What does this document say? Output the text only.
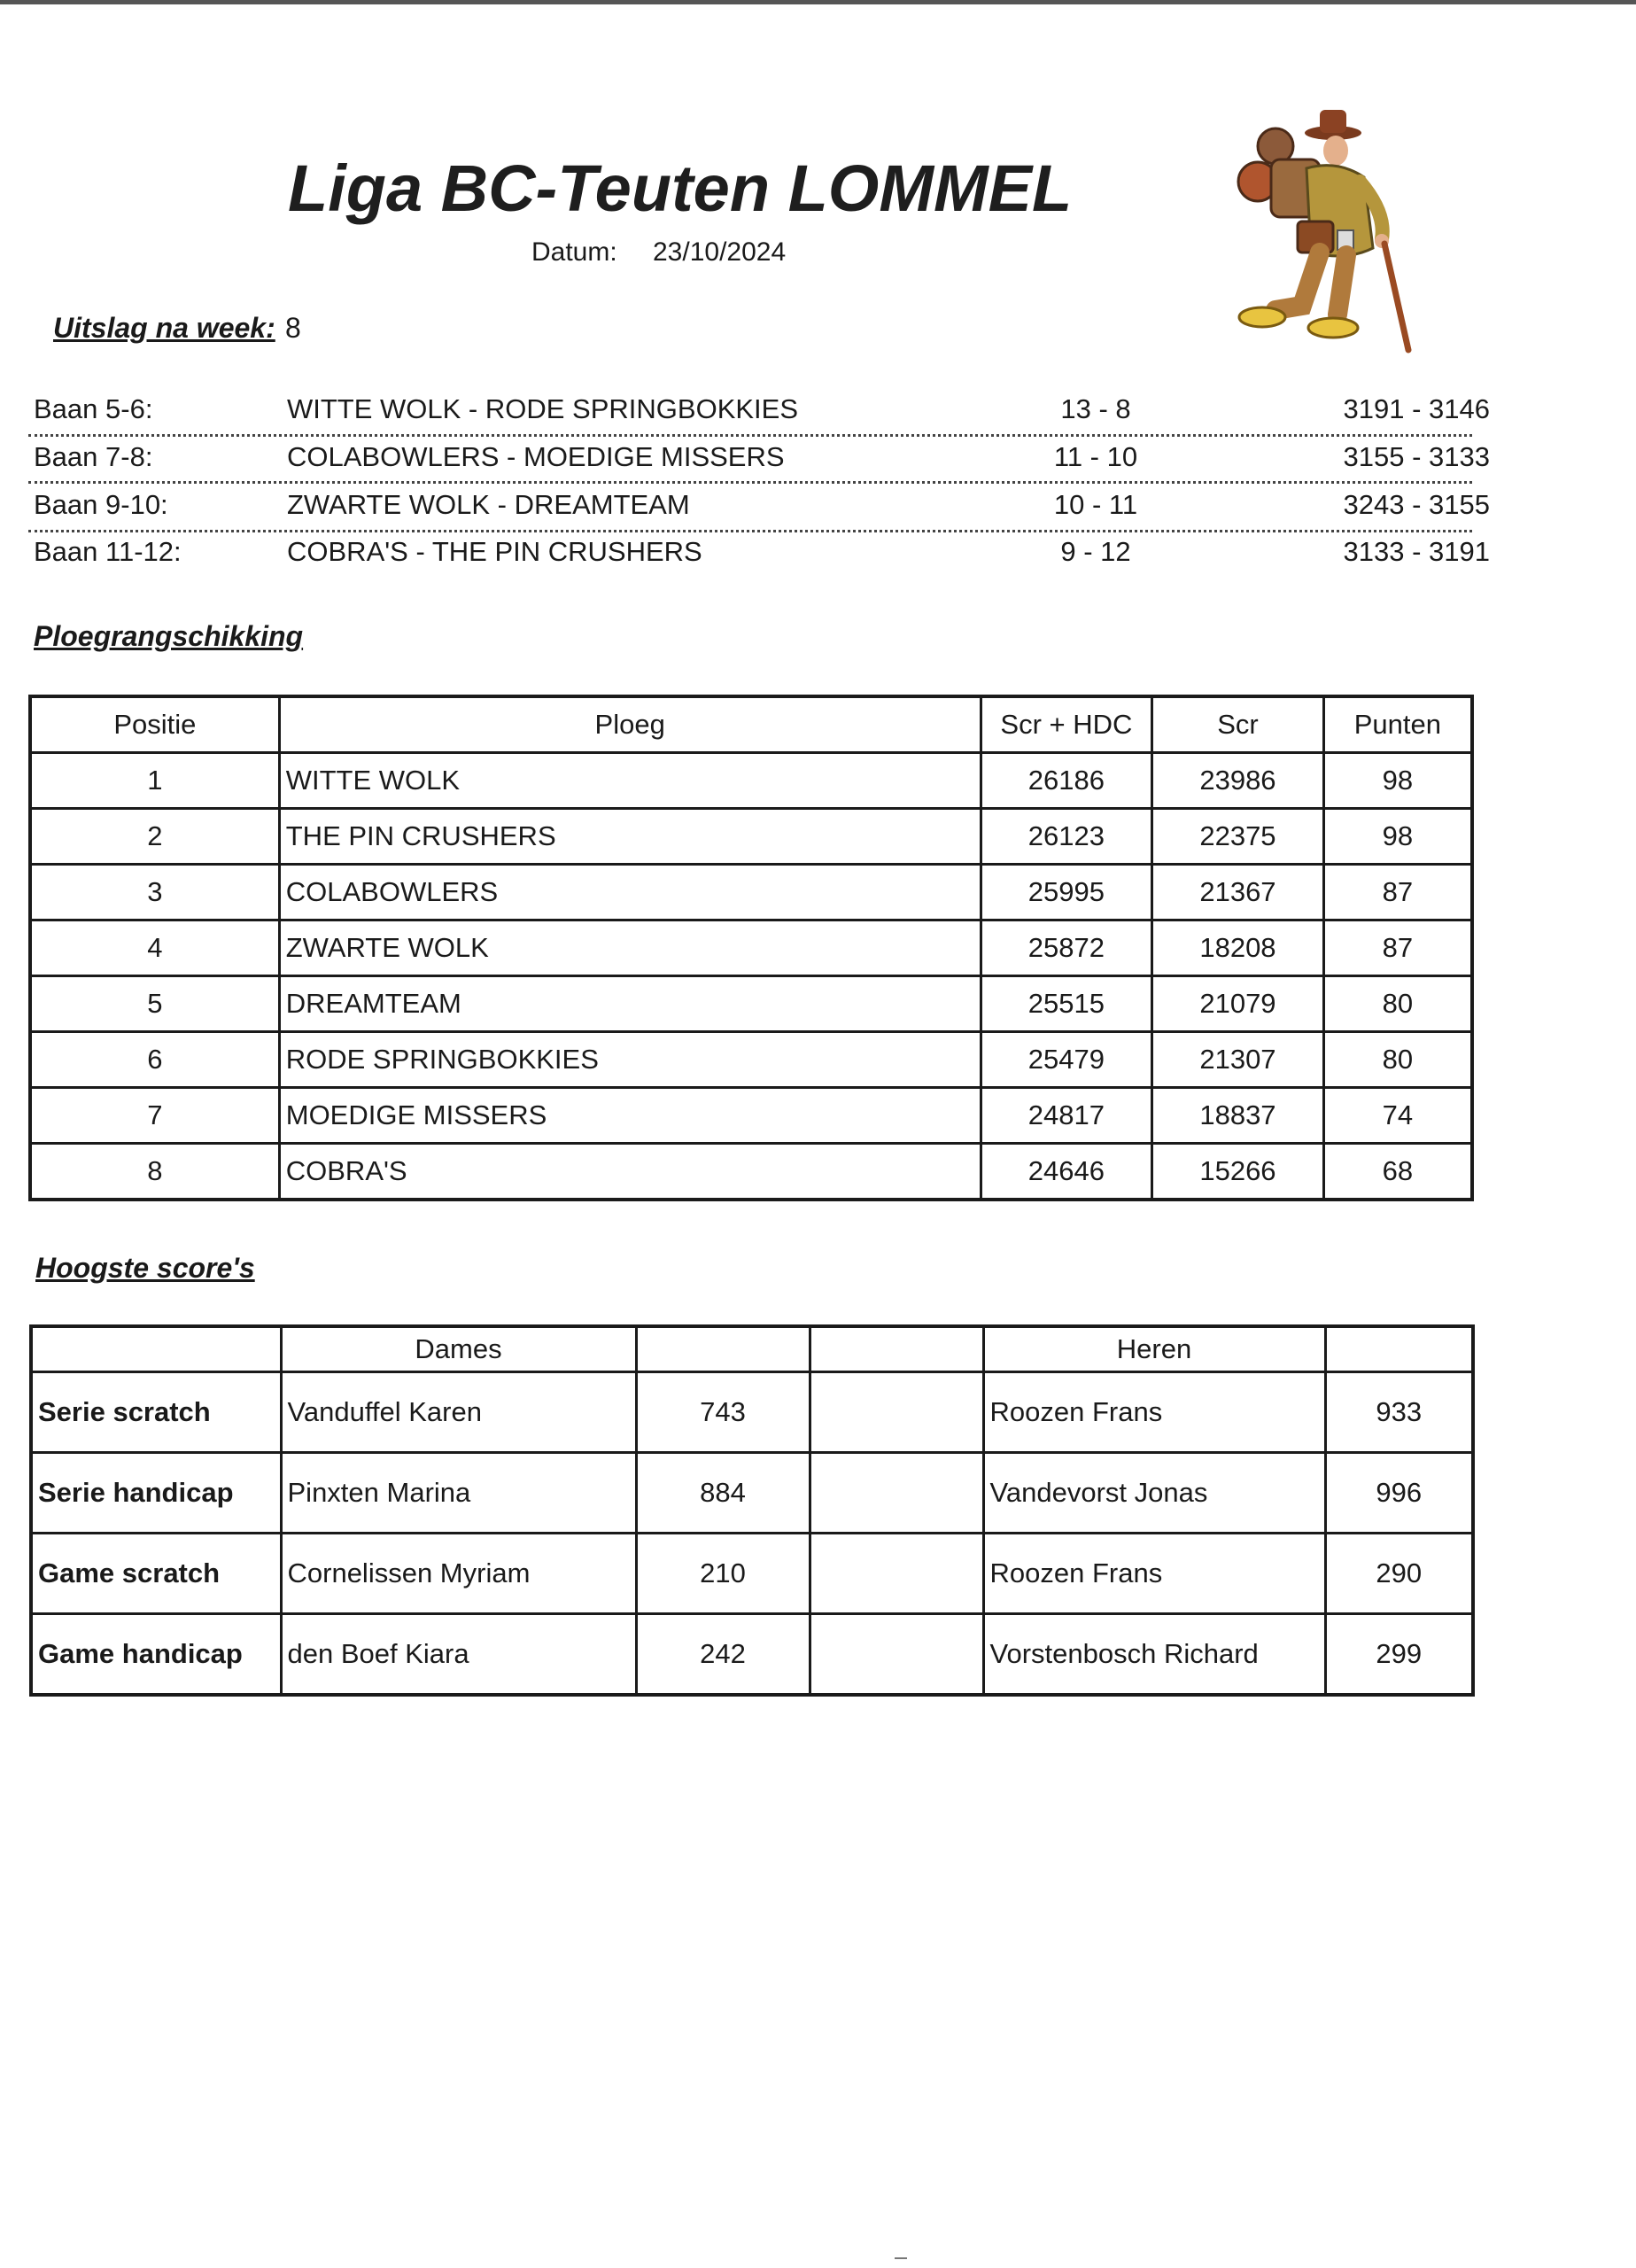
Liga BC-Teuten LOMMEL
Datum: 23/10/2024
Uitslag na week: 8
Baan 5-6:	WITTE WOLK - RODE SPRINGBOKKIES	13 - 8	3191 - 3146
Baan 7-8:	COLABOWLERS - MOEDIGE MISSERS	11 - 10	3155 - 3133
Baan 9-10:	ZWARTE WOLK - DREAMTEAM	10 - 11	3243 - 3155
Baan 11-12:	COBRA'S - THE PIN CRUSHERS	9 - 12	3133 - 3191
Ploegrangschikking
Positie	Ploeg	Scr + HDC	Scr	Punten
1	WITTE WOLK	26186	23986	98
2	THE PIN CRUSHERS	26123	22375	98
3	COLABOWLERS	25995	21367	87
4	ZWARTE WOLK	25872	18208	87
5	DREAMTEAM	25515	21079	80
6	RODE SPRINGBOKKIES	25479	21307	80
7	MOEDIGE MISSERS	24817	18837	74
8	COBRA'S	24646	15266	68
Hoogste score's
	Dames			Heren	
Serie scratch	Vanduffel Karen	743		Roozen Frans	933
Serie handicap	Pinxten Marina	884		Vandevorst Jonas	996
Game scratch	Cornelissen Myriam	210		Roozen Frans	290
Game handicap	den Boef Kiara	242		Vorstenbosch Richard	299
